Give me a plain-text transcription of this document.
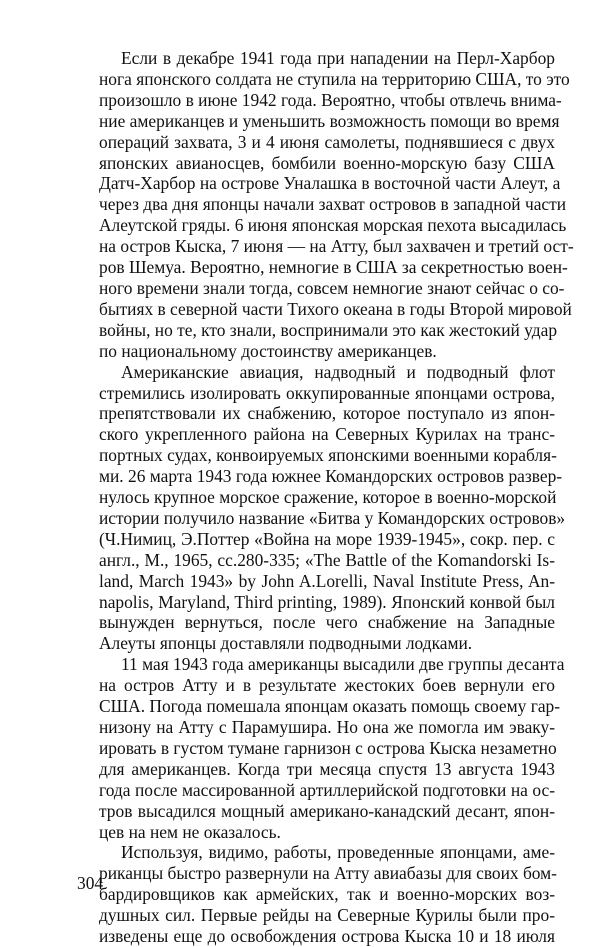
Если в декабре 1941 года при нападении на Перл-Харбор
нога японского солдата не ступила на территорию США, то это
произошло в июне 1942 года. Вероятно, чтобы отвлечь внима-
ние американцев и уменьшить возможность помощи во время
операций захвата, 3 и 4 июня самолеты, поднявшиеся с двух
японских авианосцев, бомбили военно-морскую базу США
Датч-Харбор на острове Уналашка в восточной части Алеут, а
через два дня японцы начали захват островов в западной части
Алеутской гряды. 6 июня японская морская пехота высадилась
на остров Кыска, 7 июня — на Атту, был захвачен и третий ост-
ров Шемуа. Вероятно, немногие в США за секретностью воен-
ного времени знали тогда, совсем немногие знают сейчас о со-
бытиях в северной части Тихого океана в годы Второй мировой
войны, но те, кто знали, воспринимали это как жестокий удар
по национальному достоинству американцев.

Американские авиация, надводный и подводный флот
стремились изолировать оккупированные японцами острова,
препятствовали их снабжению, которое поступало из япон-
ского укрепленного района на Северных Курилах на транс-
портных судах, конвоируемых японскими военными корабля-
ми. 26 марта 1943 года южнее Командорских островов развер-
нулось крупное морское сражение, которое в военно-морской
истории получило название «Битва у Командорских островов»
(Ч.Нимиц, Э.Поттер «Война на море 1939-1945», сокр. пер. с
англ., М., 1965, сс.280-335; «The Battle of the Komandorski Is-
land, March 1943» by John A.Lorelli, Naval Institute Press, An-
napolis, Maryland, Third printing, 1989). Японский конвой был
вынужден вернуться, после чего снабжение на Западные
Алеуты японцы доставляли подводными лодками.

11 мая 1943 года американцы высадили две группы десанта
на остров Атту и в результате жестоких боев вернули его
США. Погода помешала японцам оказать помощь своему гар-
низону на Атту с Парамушира. Но она же помогла им эваку-
ировать в густом тумане гарнизон с острова Кыска незаметно
для американцев. Когда три месяца спустя 13 августа 1943
года после массированной артиллерийской подготовки на ос-
тров высадился мощный американо-канадский десант, япон-
цев на нем не оказалось.

Используя, видимо, работы, проведенные японцами, аме-
риканцы быстро развернули на Атту авиабазы для своих бом-
бардировщиков как армейских, так и военно-морских воз-
душных сил. Первые рейды на Северные Курилы были про-
изведены еще до освобождения острова Кыска 10 и 18 июля

304
